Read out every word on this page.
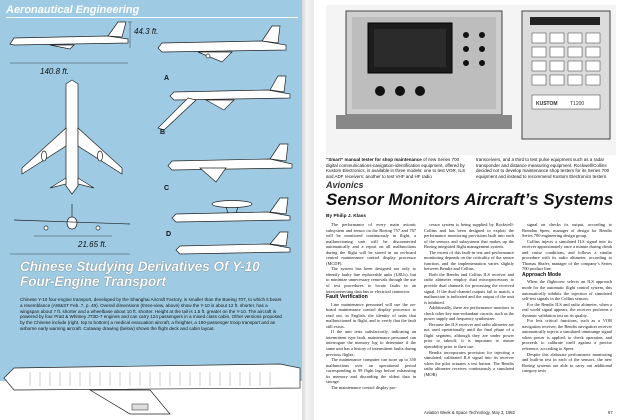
Aeronautical Engineering
44.3 ft.
140.8 ft.
21.65 ft.
A
B
C
D
Chinese Studying Derivatives Of Y-10 Four-Engine Transport
Chinese Y-10 four-engine transport, developed by the Shanghai Aircraft Factory, is smaller than the Boeing 707, to which it bears a resemblance (AW&ST Feb. 7, p. 49). Overall dimensions (three-view, above) show the Y-10 is about 12 ft. shorter, has a wingspan about 7 ft. shorter and a wheelbase about 10 ft. shorter. Height at the tail is 1.5 ft. greater on the Y-10. The aircraft is powered by four Pratt & Whitney JT3D-7 engines and can carry 124 passengers in a mixed class cabin. Other versions proposed by the Chinese include (right, top to bottom) a medical evacuation aircraft, a freighter, a 160-passenger troop transport and an airborne early warning aircraft. Cutaway drawing (below) shows the flight deck and cabin layout.
KUSTOM T1200
“Smart” manual tester for shop maintenance of new Series 700 digital communications-navigation-identification equipment, offered by Kustom Electronics, is available in three models: one to test VOR, ILS and ADF receivers; another to test VHF and HF radio
transceivers, and a third to test pulse equipment such as a radar transponder and distance measuring equipment. Rockwell/Collins decided not to develop maintenance shop testers for its Series 700 equipment and instead to recommend Kustom Electronics testers.
Avionics
Sensor Monitors Aircraft’s Systems
By Philip J. Klass

The performance of every main avionic subsystem and sensor on the Boeing 757 and 767 will be monitored continuously in flight, a malfunctioning unit will be disconnected automatically and a report on all malfunctions during the flight will be stored in an on-board central maintenance control display processor (MCDP).

The system has been designed not only to identify faulty line replaceable units (LRUs), but to minimize unnecessary removals through the use of test procedures to locate faults in an interconnecting data bus or electrical connector.

Fault Verification

Line maintenance personnel will use the on-board maintenance control display processor to read out, in English, the identity of units that malfunctioned in flight, and to verify that the fault still exists.

If the unit tests satisfactorily, indicating an intermittent type fault, maintenance personnel can interrogate the memory log to determine if the same unit has a history of intermittent faults during previous flights.

The maintenance computer can store up to 350 malfunctions over an operational period corresponding to 99 flight legs before exhausting its memory and discarding the oldest data in storage.

The maintenance control display pro-

cessor system is being supplied by Rockwell-Collins and has been designed to exploit the performance monitoring provisions built into each of the sensors and subsystems that makes up the Boeing integrated flight management system.

The extent of this built-in test and performance monitoring depends on the criticality of the sensor function, and the implementation varies slightly between Bendix and Collins.

Both the Bendix and Collins ILS receiver and radio altimeter employ dual microprocessors to provide dual channels for processing the received signal. If the dual channel outputs fail to match, a malfunction is indicated and the output of the unit is inhibited.

Additionally, there are performance monitors to check other key non-redundant circuits, such as the power supply and frequency synthesizer.

Because the ILS receiver and radio altimeter are not used operationally until the final phase of a flight segment, although they are under power prior to takeoff, it is important to assure operability prior to their use.

Bendix incorporates provision for injecting a simulated, calibrated ILS signal into its receiver when the pilot actuates a test button. The Bendix radio altimeter receives continuously a simulated (MOR)

signal on checks its output, according to Brendan Speer, manager of design for Bendix Series 700 engineering design group.

Collins injects a simulated ILS signal into its receiver approximately once a minute during climb and cruise conditions, and follows a similar procedure with its radio altimeter, according to Thomas Shafer, manager of the company’s Series 700 product line.

Approach Mode

When the flightcrew selects an ILS approach mode for the automatic flight control system, this automatically inhibits the injection of simulated self-test signals in the Collins sensors.

For the Bendix ILS and radio altimeter, when a real world signal appears, the receiver performs a dynamic validation test on its quality.

For less critical functions, such as a VOR navigation receiver, the Bendix navigation receiver automatically injects a simulated omnirange signal when power is applied, to check operation, and proceeds to calibrate itself against a precise reference, according to Speer.

Despite this elaborate performance monitoring and built-in test in each of the sensors, the new Boeing systems are able to carry out additional category tests

Aviation Week & Space Technology, May 3, 1982	67
